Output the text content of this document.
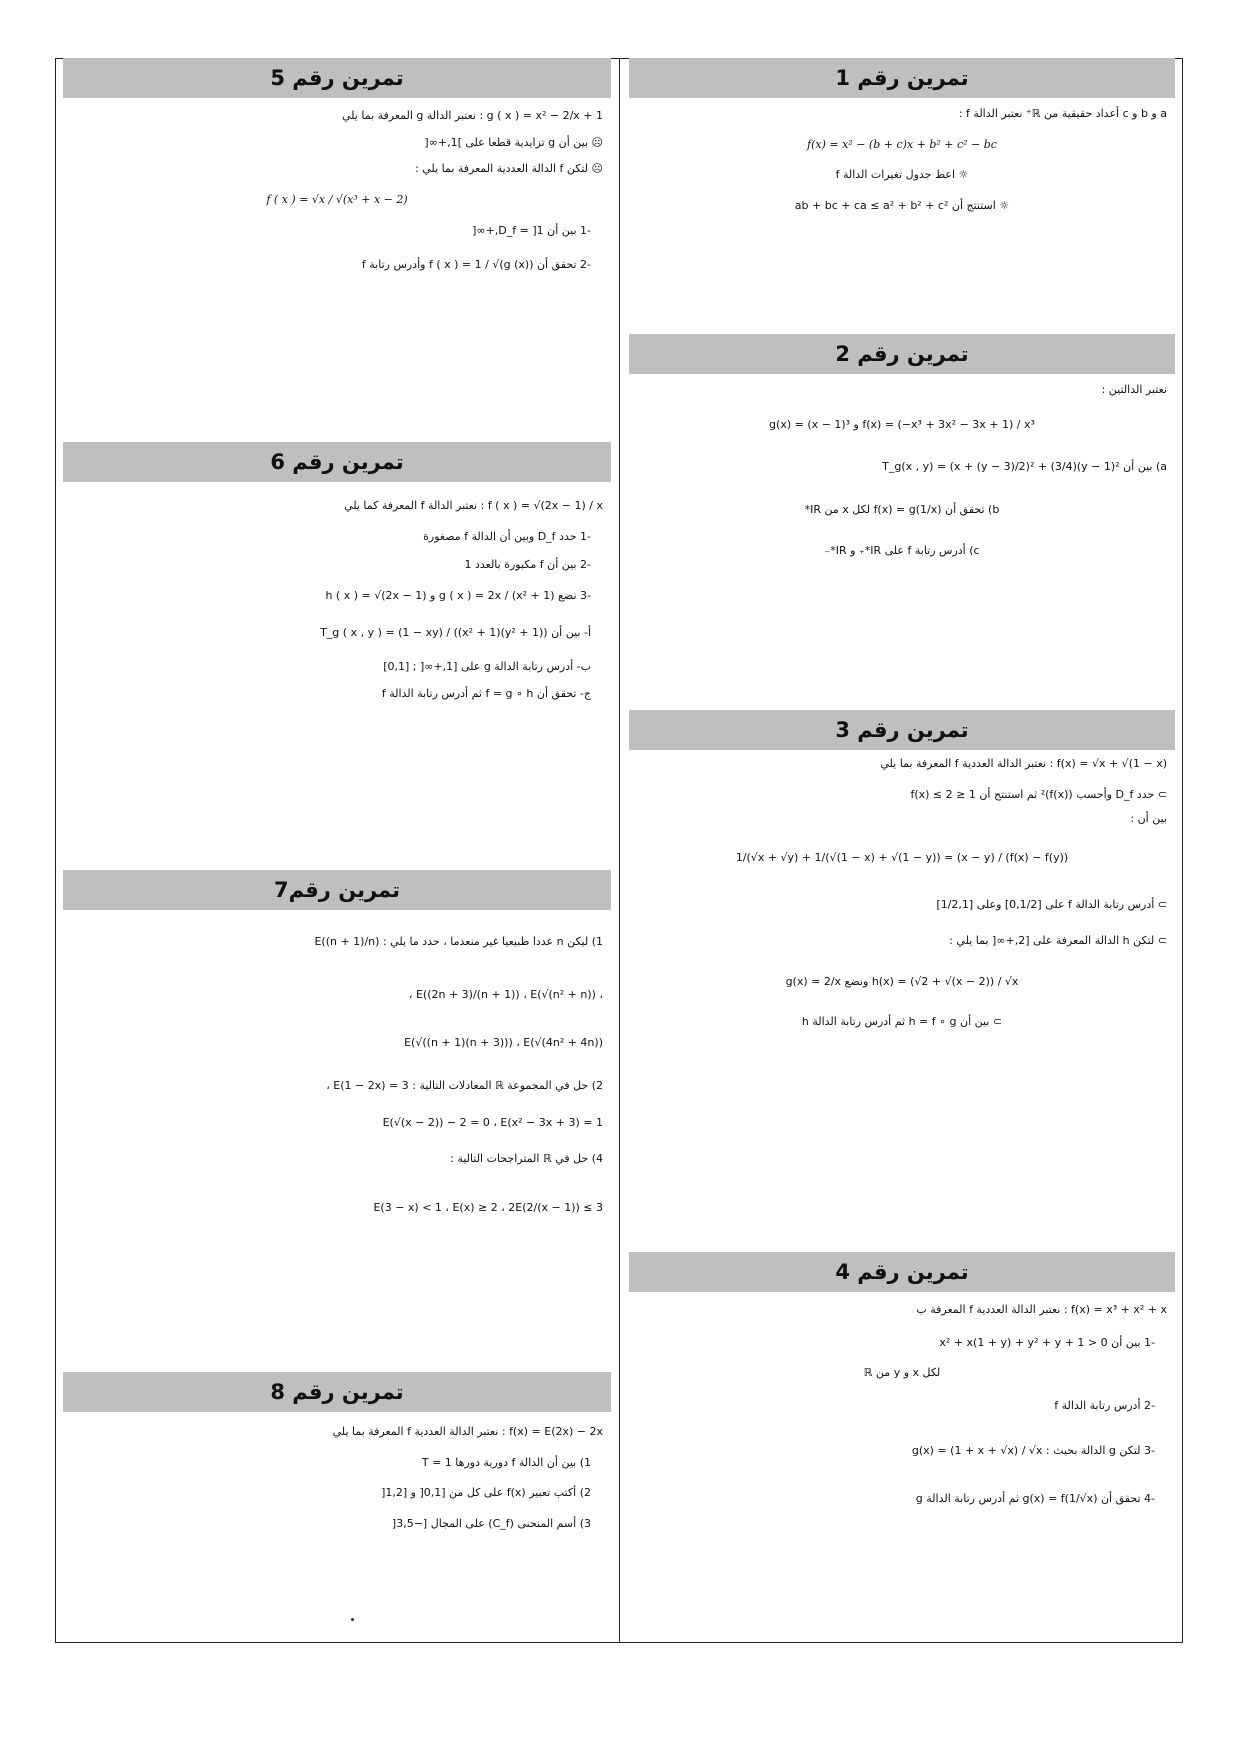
تمرين رقم 5

g ( x ) = x² − 2/x + 1 : نعتبر الدالة g المعرفة بما يلي

☹ بين أن g تزايدية قطعا على ]1,+∞[

☹ لتكن f الدالة العددية المعرفة بما يلي :

f ( x ) = √x / √(x³ + x − 2)

-1 بين أن D_f = ]1,+∞[

-2 تحقق أن f ( x ) = 1 / √(g (x)) وأدرس رتابة f

تمرين رقم 6

f ( x ) = √(2x − 1) / x : نعتبر الدالة f المعرفة كما يلي

-1 حدد D_f وبين أن الدالة f مصغورة

-2 بين أن f مكبورة بالعدد 1

-3 نضع g ( x ) = 2x / (x² + 1) و h ( x ) = √(2x − 1)

أ- بين أن T_g ( x , y ) = (1 − xy) / ((x² + 1)(y² + 1))

ب- أدرس رتابة الدالة g على [1,+∞[ ; [0,1]

ج- تحقق أن f = g ∘ h ثم أدرس رتابة الدالة f

تمرين رقم7

1) ليكن n عددا طبيعيا غير منعدما ، حدد ما يلي : E((n + 1)/n)

، E((2n + 3)/(n + 1)) ، E(√(n² + n)) ،

E(√((n + 1)(n + 3))) ، E(√(4n² + 4n))

2) حل في المجموعة ℝ المعادلات التالية : E(1 − 2x) = 3 ،

E(√(x − 2)) − 2 = 0 ، E(x² − 3x + 3) = 1

4) حل في ℝ المتراجحات التالية :

E(3 − x) < 1 ، E(x) ≥ 2 ، 2E(2/(x − 1)) ≤ 3

تمرين رقم 8

f(x) = E(2x) − 2x : نعتبر الدالة العددية f المعرفة بما يلي

1) بين أن الدالة f دورية دورها T = 1

2) أكتب تعبير f(x) على كل من [0,1[ و [1,2[

3) أسم المنحنى (C_f) على المجال [−3,5[

تمرين رقم 1

a و b و c أعداد حقيقية من ℝ⁺ نعتبر الدالة f :

f(x) = x² − (b + c)x + b² + c² − bc

☼ اعط جدول تغيرات الدالة f

☼ استنتج أن ab + bc + ca ≤ a² + b² + c²

تمرين رقم 2

نعتبر الدالتين :

f(x) = (−x³ + 3x² − 3x + 1) / x³ و g(x) = (x − 1)³

a) بين أن T_g(x , y) = (x + (y − 3)/2)² + (3/4)(y − 1)²

b) تحقق أن f(x) = g(1/x) لكل x من IR*

c) أدرس رتابة f على IR*₊ و IR*₋

تمرين رقم 3

f(x) = √x + √(1 − x) : نعتبر الدالة العددية f المعرفة بما يلي

⊃ حدد D_f وأحسب (f(x))² ثم استنتج أن 1 ≤ f(x) ≤ 2

بين أن :

(f(x) − f(y)) / (x − y) = 1/(√x + √y) + 1/(√(1 − x) + √(1 − y))

⊃ أدرس رتابة الدالة f على [0,1/2] وعلى [1/2,1]

⊃ لتكن h الدالة المعرفة على [2,+∞[ بما يلي :

h(x) = (√2 + √(x − 2)) / √x ونضع g(x) = 2/x

⊃ بين أن h = f ∘ g ثم أدرس رتابة الدالة h

تمرين رقم 4

f(x) = x³ + x² + x : نعتبر الدالة العددية f المعرفة ب

-1 بين أن x² + x(1 + y) + y² + y + 1 > 0

لكل x و y من ℝ

-2 أدرس رتابة الدالة f

-3 لتكن g الدالة بحيث : g(x) = (1 + x + √x) / √x

-4 تحقق أن g(x) = f(1/√x) ثم أدرس رتابة الدالة g
